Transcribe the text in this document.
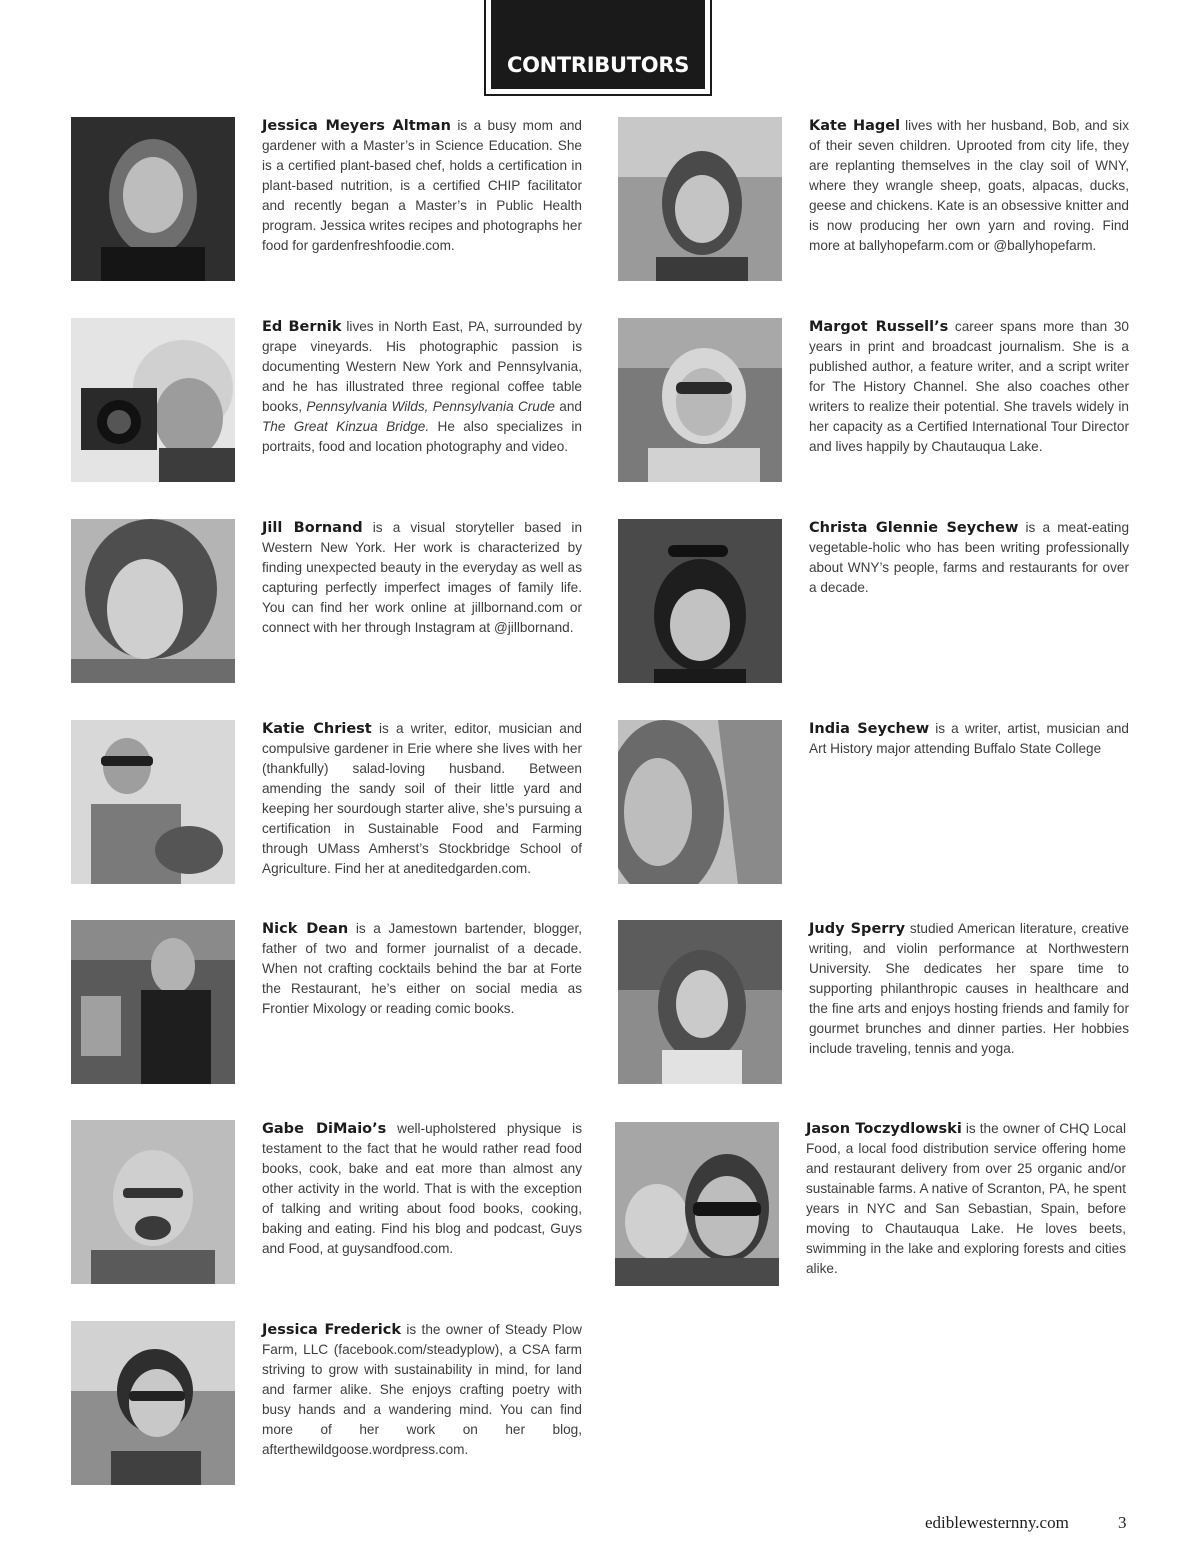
CONTRIBUTORS
Jessica Meyers Altman is a busy mom and gardener with a Master’s in Science Education. She is a certified plant-based chef, holds a certification in plant-based nutrition, is a certified CHIP facilitator and recently began a Master’s in Public Health program. Jessica writes recipes and photographs her food for gardenfreshfoodie.com.
Kate Hagel lives with her husband, Bob, and six of their seven children. Uprooted from city life, they are replanting themselves in the clay soil of WNY, where they wrangle sheep, goats, alpacas, ducks, geese and chickens. Kate is an obsessive knitter and is now producing her own yarn and roving. Find more at ballyhopefarm.com or @ballyhopefarm.
Ed Bernik lives in North East, PA, surrounded by grape vineyards. His photographic passion is documenting Western New York and Pennsylvania, and he has illustrated three regional coffee table books, Pennsylvania Wilds, Pennsylvania Crude and The Great Kinzua Bridge. He also specializes in portraits, food and location photography and video.
Margot Russell’s career spans more than 30 years in print and broadcast journalism. She is a published author, a feature writer, and a script writer for The History Channel. She also coaches other writers to realize their potential. She travels widely in her capacity as a Certified International Tour Director and lives happily by Chautauqua Lake.
Jill Bornand is a visual storyteller based in Western New York. Her work is characterized by finding unexpected beauty in the everyday as well as capturing perfectly imperfect images of family life. You can find her work online at jillbornand.com or connect with her through Instagram at @jillbornand.
Christa Glennie Seychew is a meat-eating vegetable-holic who has been writing professionally about WNY’s people, farms and restaurants for over a decade.
Katie Chriest is a writer, editor, musician and compulsive gardener in Erie where she lives with her (thankfully) salad-loving husband. Between amending the sandy soil of their little yard and keeping her sourdough starter alive, she’s pursuing a certification in Sustainable Food and Farming through UMass Amherst’s Stockbridge School of Agriculture. Find her at aneditedgarden.com.
India Seychew is a writer, artist, musician and Art History major attending Buffalo State College
Nick Dean is a Jamestown bartender, blogger, father of two and former journalist of a decade. When not crafting cocktails behind the bar at Forte the Restaurant, he’s either on social media as Frontier Mixology or reading comic books.
Judy Sperry studied American literature, creative writing, and violin performance at Northwestern University. She dedicates her spare time to supporting philanthropic causes in healthcare and the fine arts and enjoys hosting friends and family for gourmet brunches and dinner parties. Her hobbies include traveling, tennis and yoga.
Gabe DiMaio’s well-upholstered physique is testament to the fact that he would rather read food books, cook, bake and eat more than almost any other activity in the world. That is with the exception of talking and writing about food books, cooking, baking and eating. Find his blog and podcast, Guys and Food, at guysandfood.com.
Jason Toczydlowski is the owner of CHQ Local Food, a local food distribution service offering home and restaurant delivery from over 25 organic and/or sustainable farms. A native of Scranton, PA, he spent years in NYC and San Sebastian, Spain, before moving to Chautauqua Lake. He loves beets, swimming in the lake and exploring forests and cities alike.
Jessica Frederick is the owner of Steady Plow Farm, LLC (facebook.com/steadyplow), a CSA farm striving to grow with sustainability in mind, for land and farmer alike. She enjoys crafting poetry with busy hands and a wandering mind. You can find more of her work on her blog, afterthewildgoose.wordpress.com.
ediblewesternny.com	3
